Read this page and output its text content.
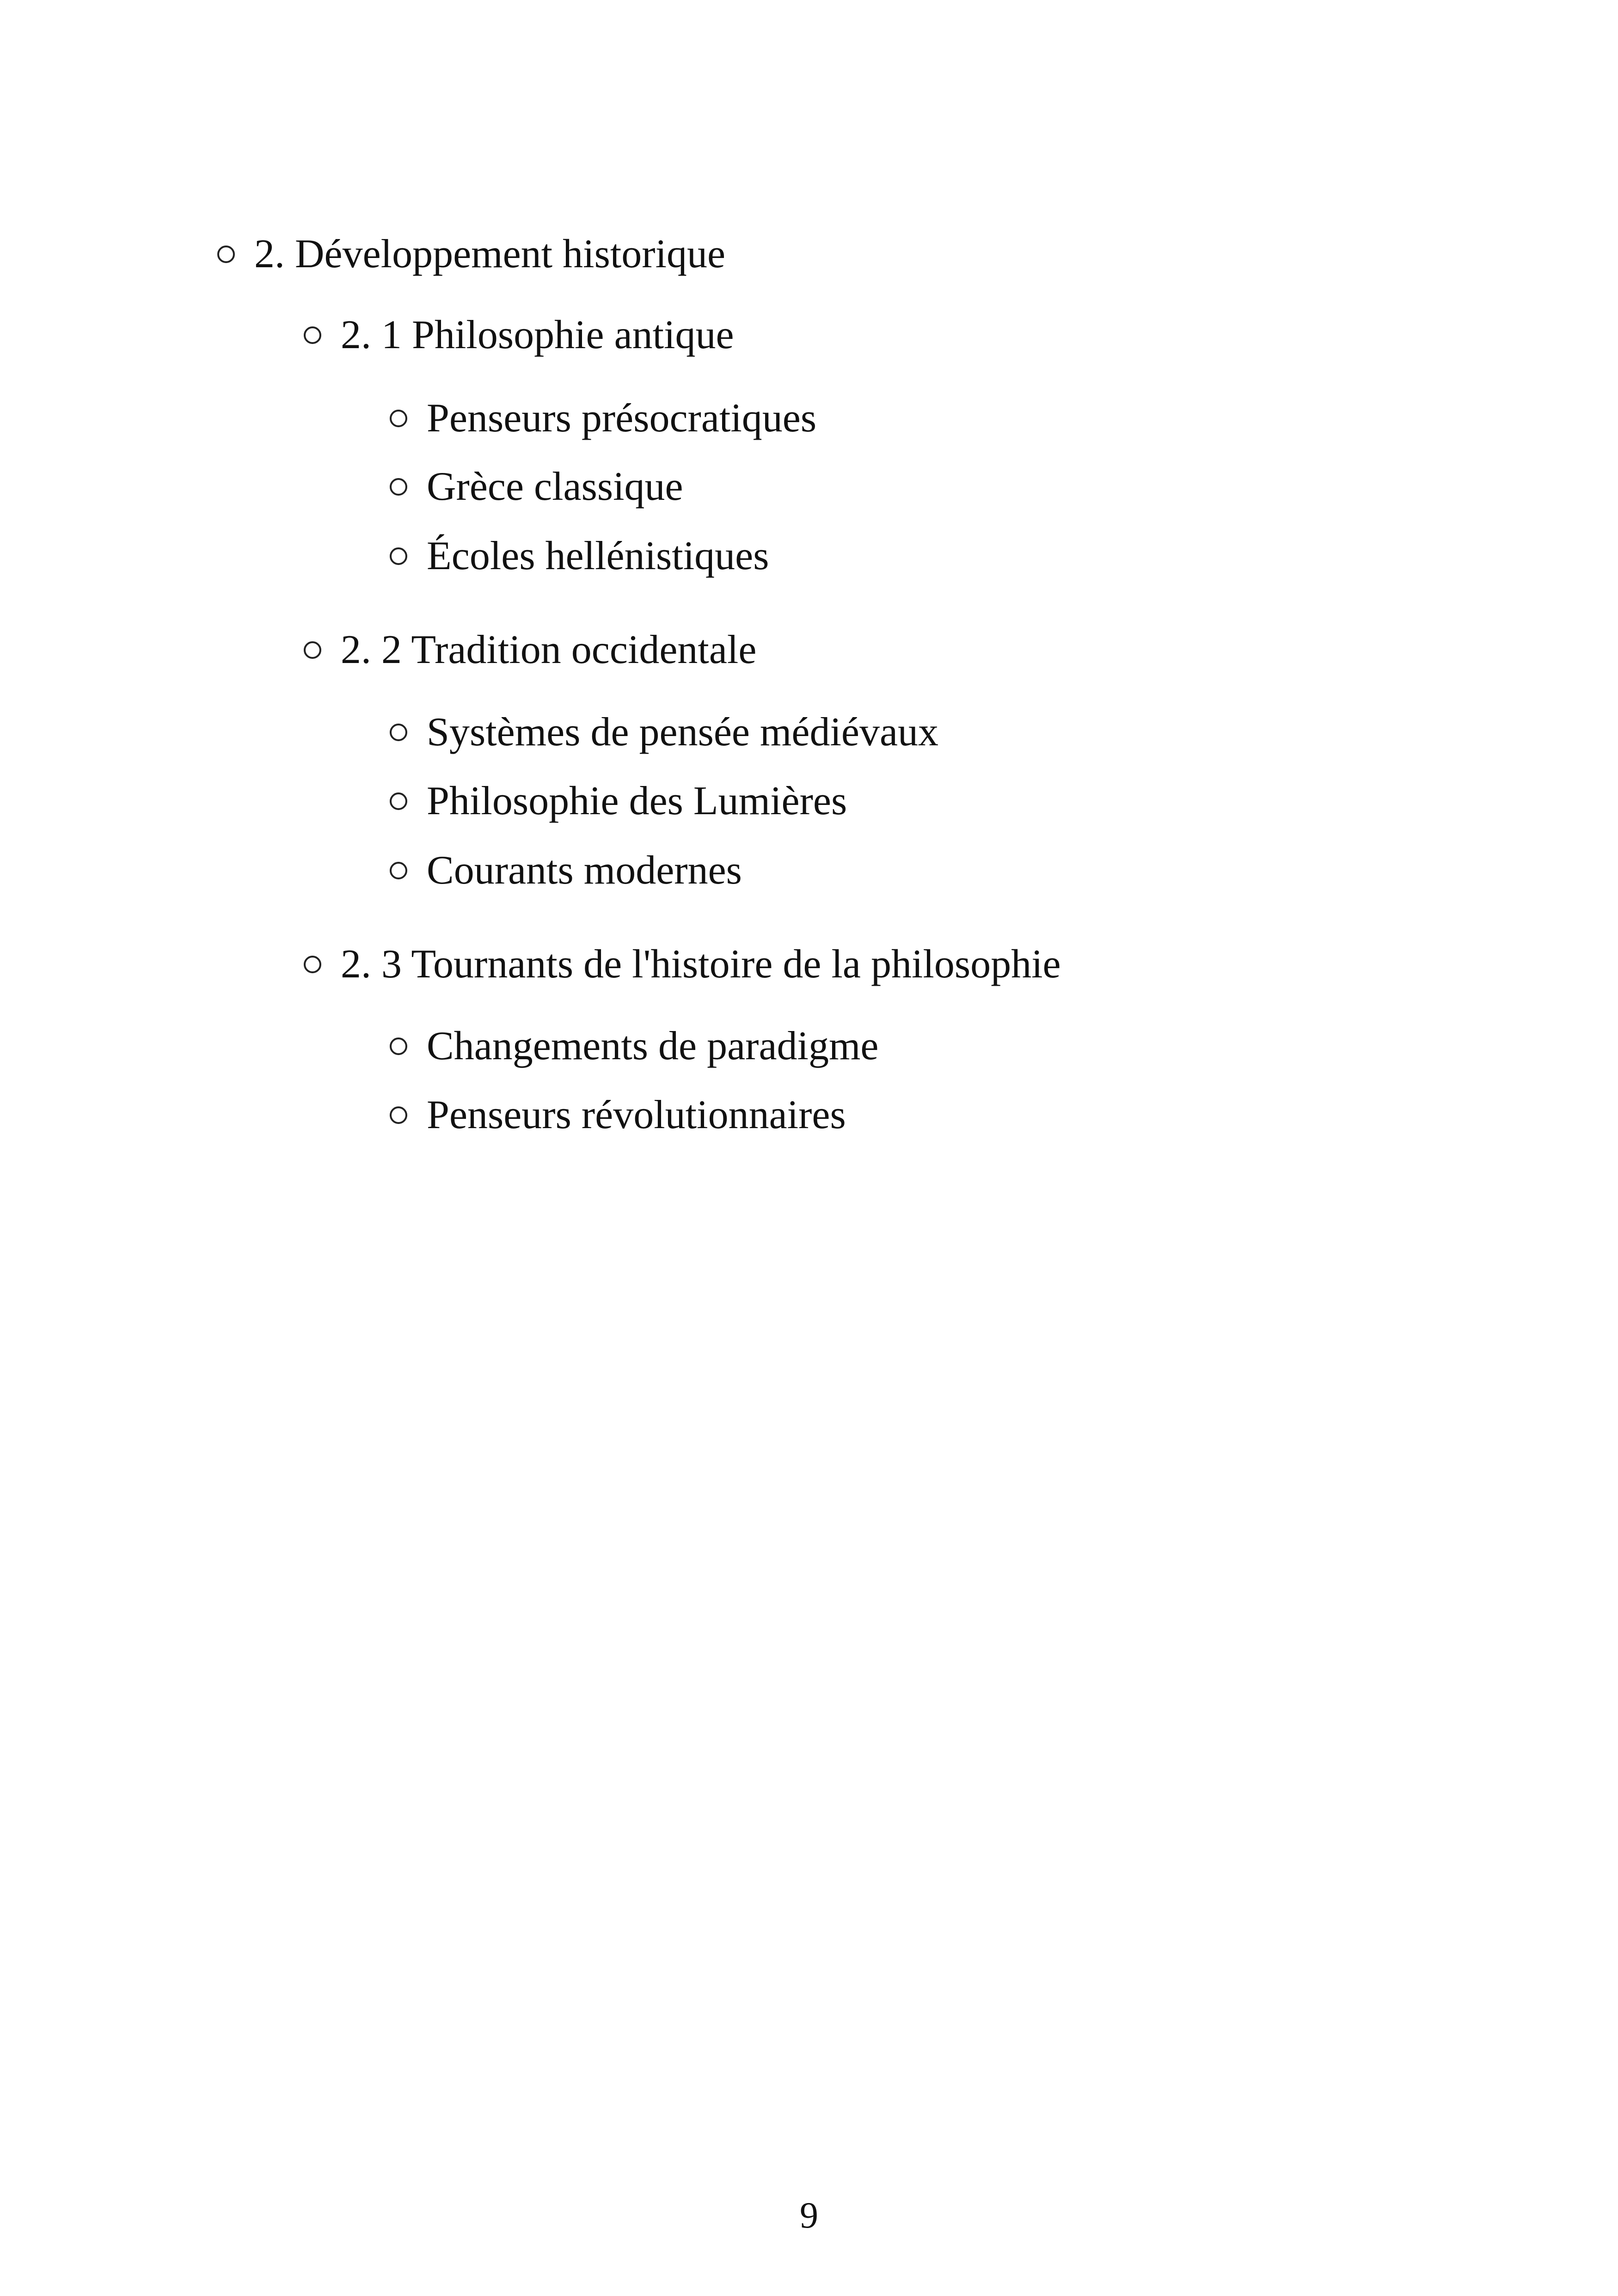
2. Développement historique
2. 1 Philosophie antique
Penseurs présocratiques
Grèce classique
Écoles hellénistiques
2. 2 Tradition occidentale
Systèmes de pensée médiévaux
Philosophie des Lumières
Courants modernes
2. 3 Tournants de l'histoire de la philosophie
Changements de paradigme
Penseurs révolutionnaires
9
